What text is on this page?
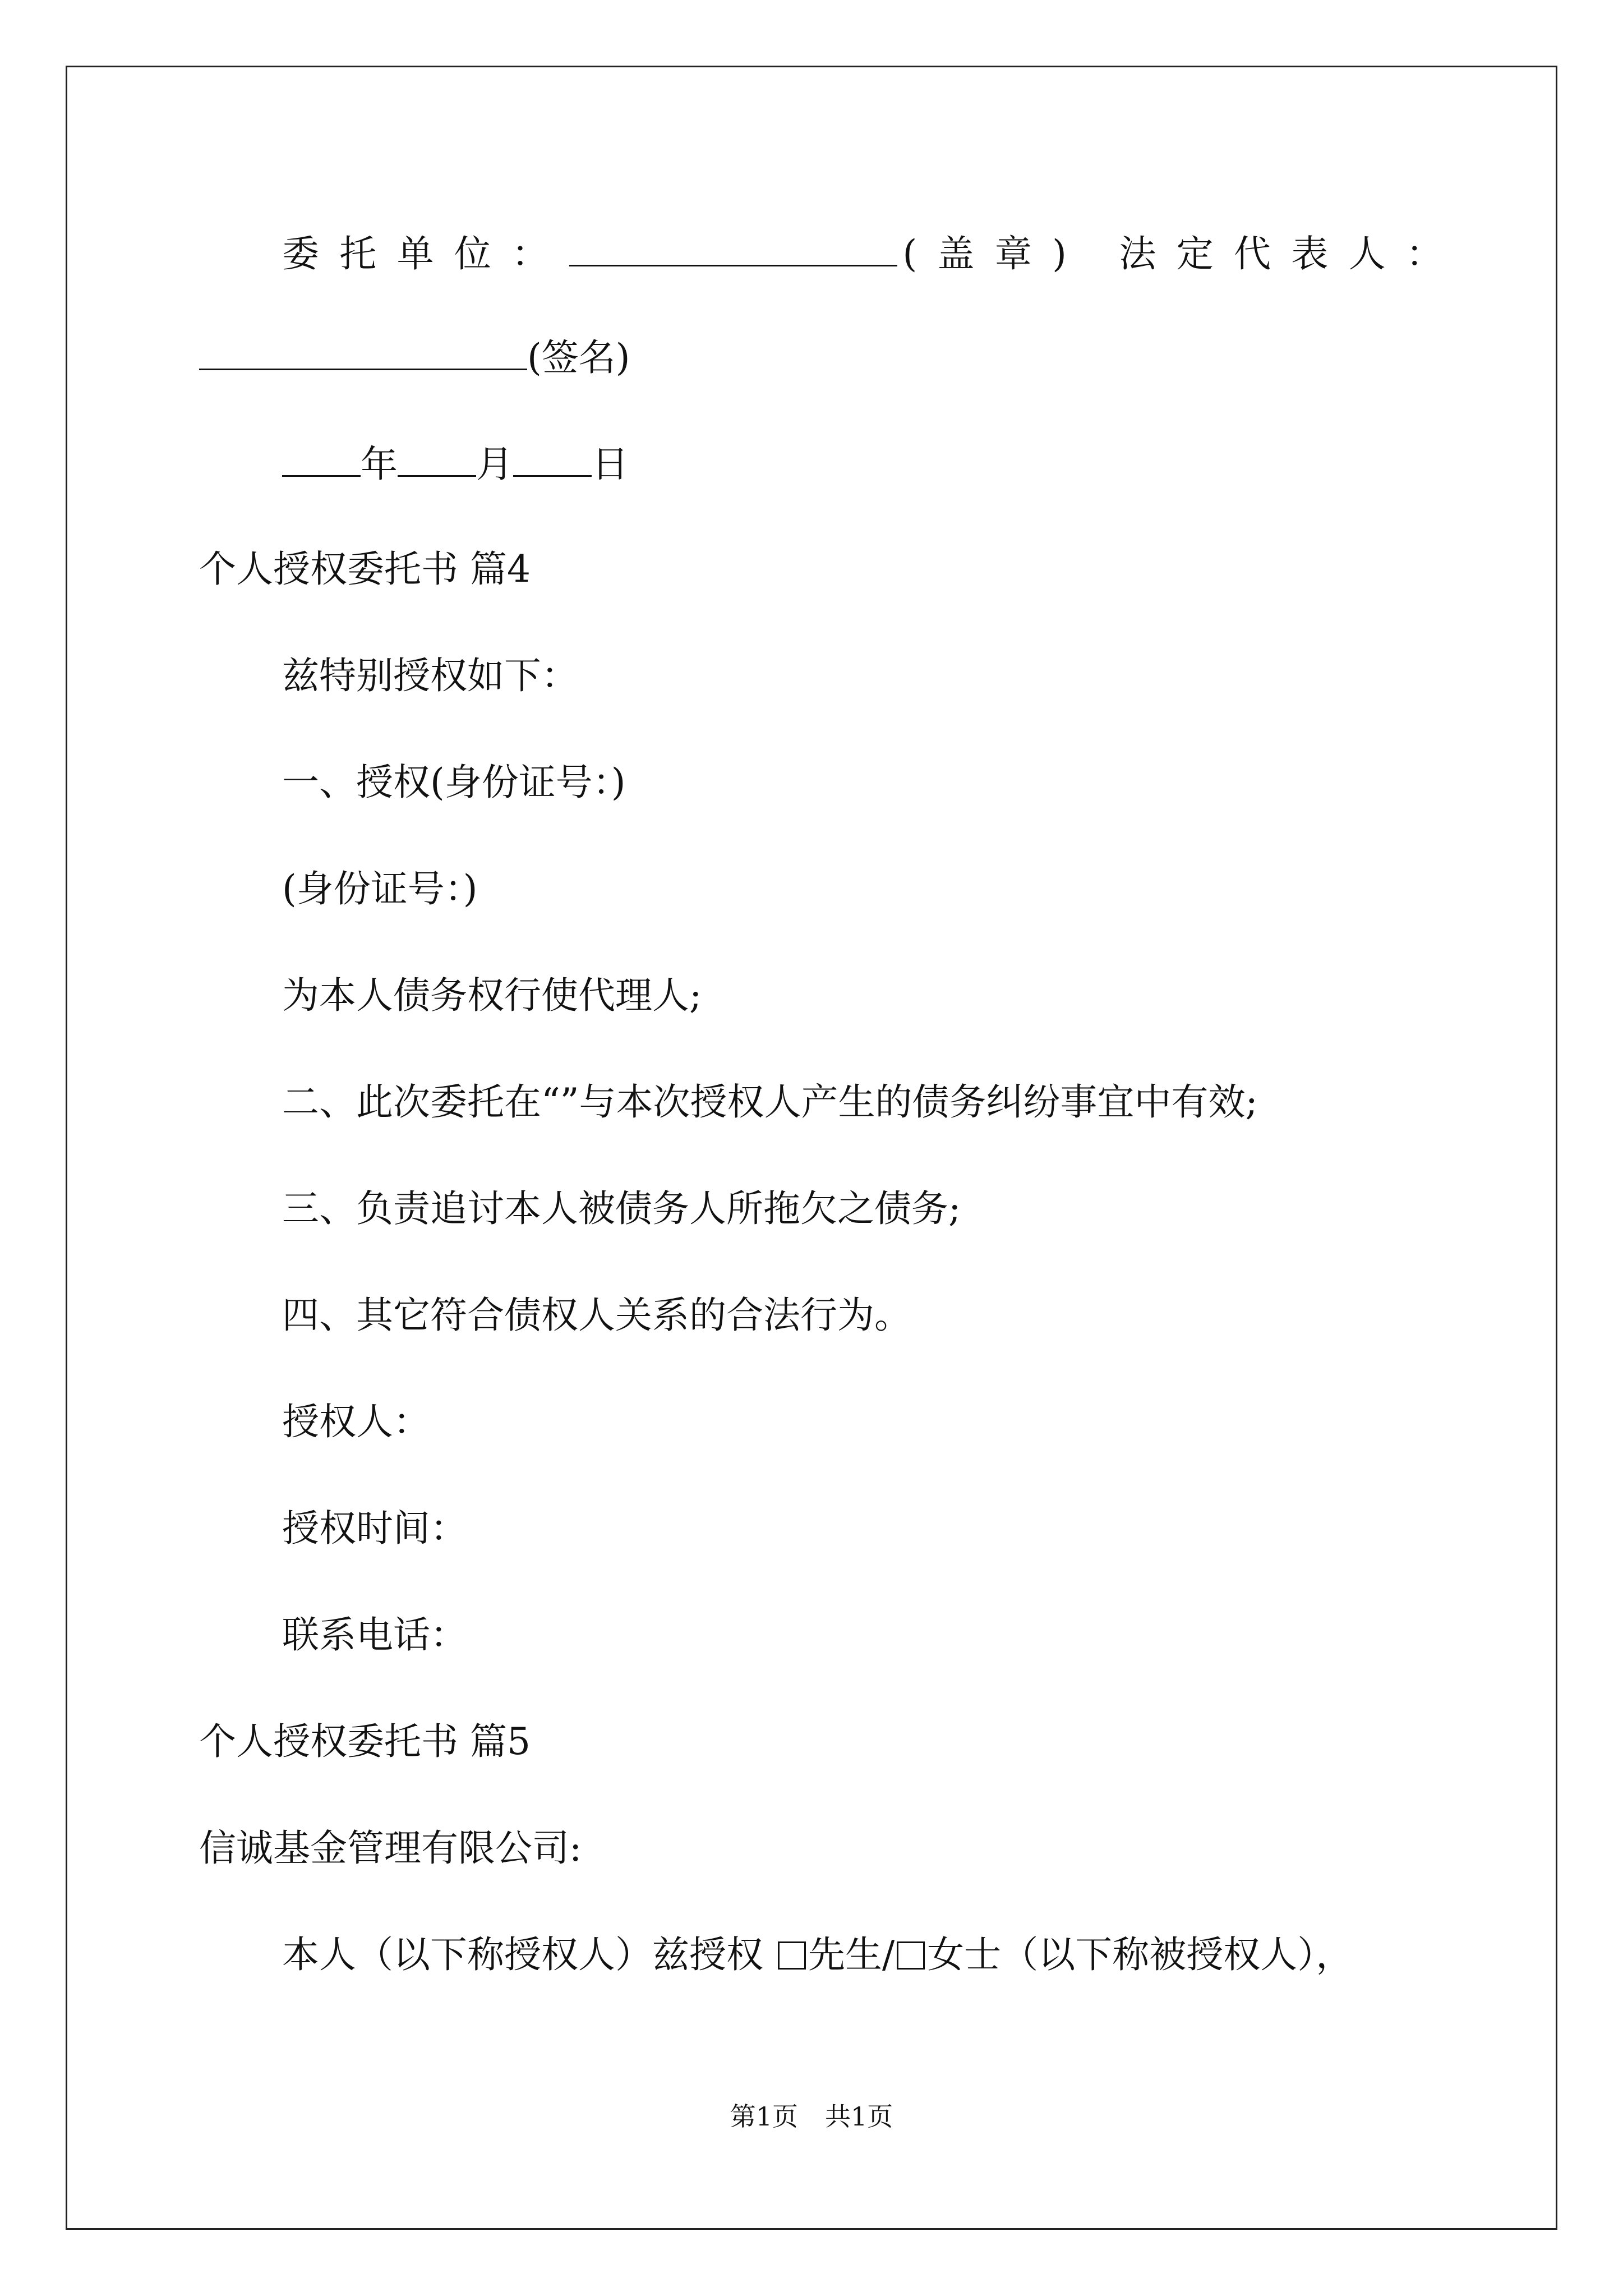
委托单位：	(盖章) 法定代表人：
(签名)
年 月 日
个人授权委托书 篇4
兹特别授权如下：
一、授权(身份证号：)
(身份证号：)
为本人债务权行使代理人;
二、此次委托在“”与本次授权人产生的债务纠纷事宜中有效;
三、负责追讨本人被债务人所拖欠之债务;
四、其它符合债权人关系的合法行为。
授权人：
授权时间：
联系电话：
个人授权委托书 篇5
信诚基金管理有限公司:
本人（以下称授权人）兹授权 先生/ 女士（以下称被授权人），
第1页 共1页
